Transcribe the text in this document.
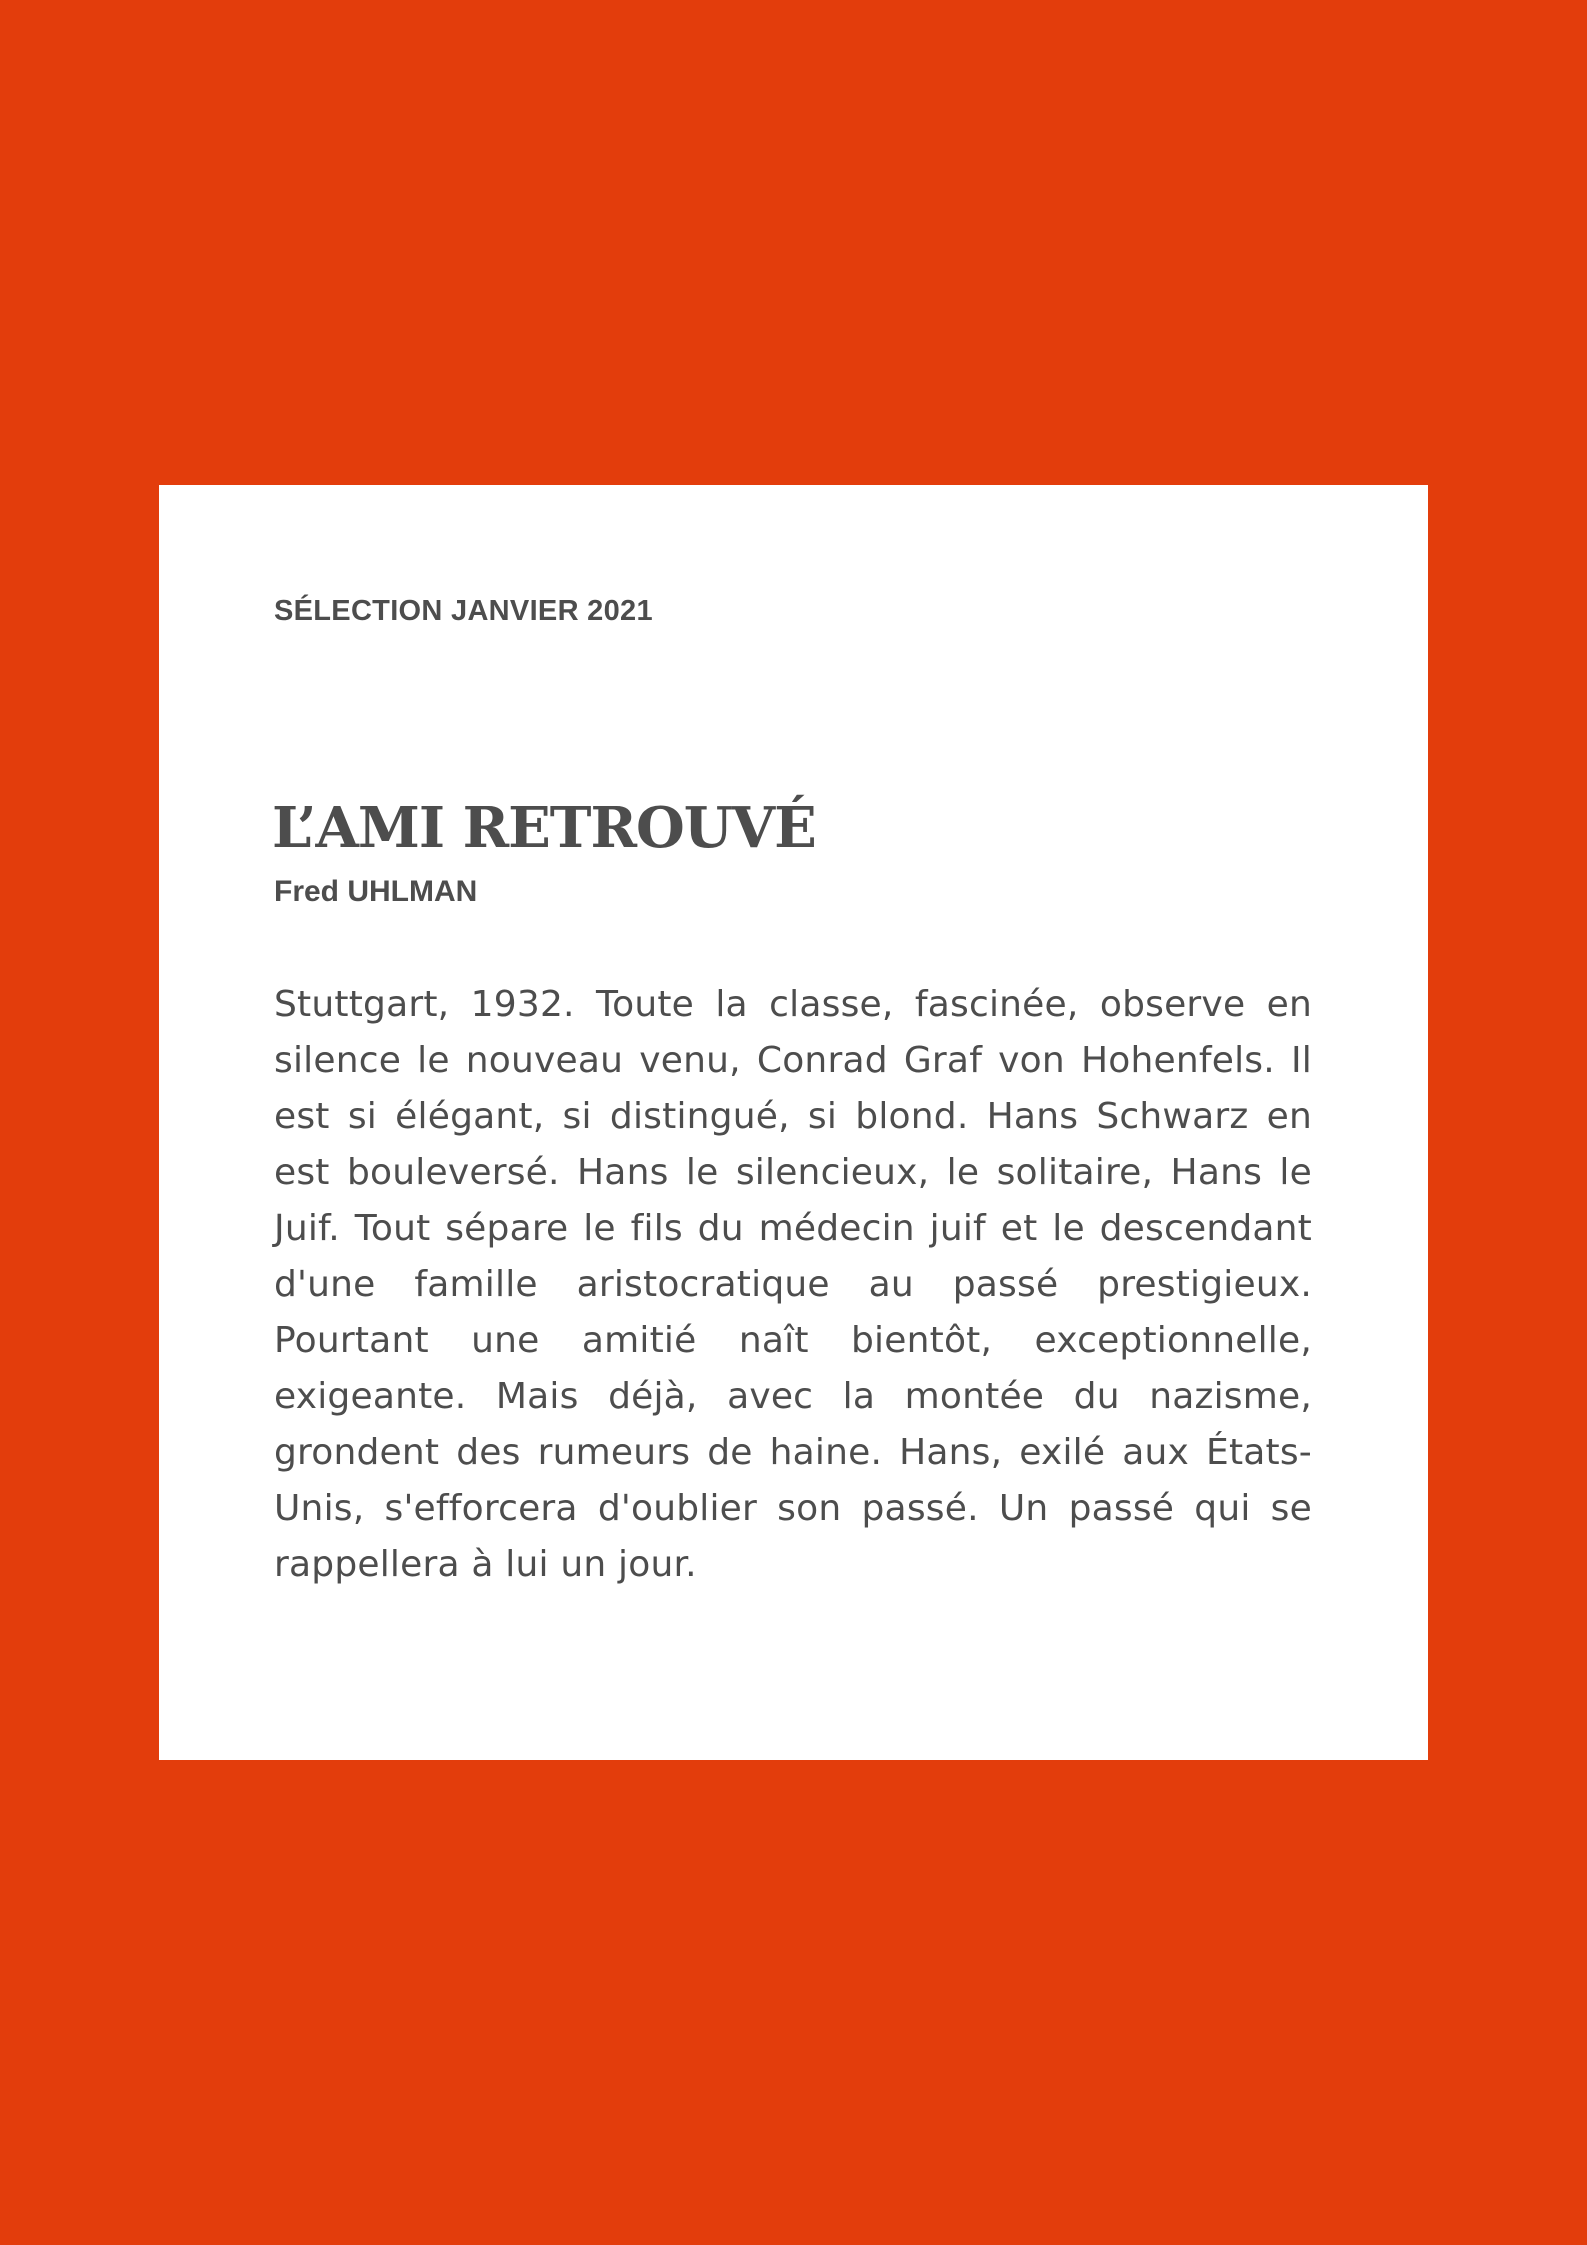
SÉLECTION JANVIER 2021

L’AMI RETROUVÉ

Fred UHLMAN

Stuttgart, 1932. Toute la classe, fascinée, observe en silence le nouveau venu, Conrad Graf von Hohenfels. Il est si élégant, si distingué, si blond. Hans Schwarz en est bouleversé. Hans le silencieux, le solitaire, Hans le Juif. Tout sépare le fils du médecin juif et le descendant d'une famille aristocratique au passé prestigieux. Pourtant une amitié naît bientôt, exceptionnelle, exigeante. Mais déjà, avec la montée du nazisme, grondent des rumeurs de haine. Hans, exilé aux États-Unis, s'efforcera d'oublier son passé. Un passé qui se rappellera à lui un jour.
